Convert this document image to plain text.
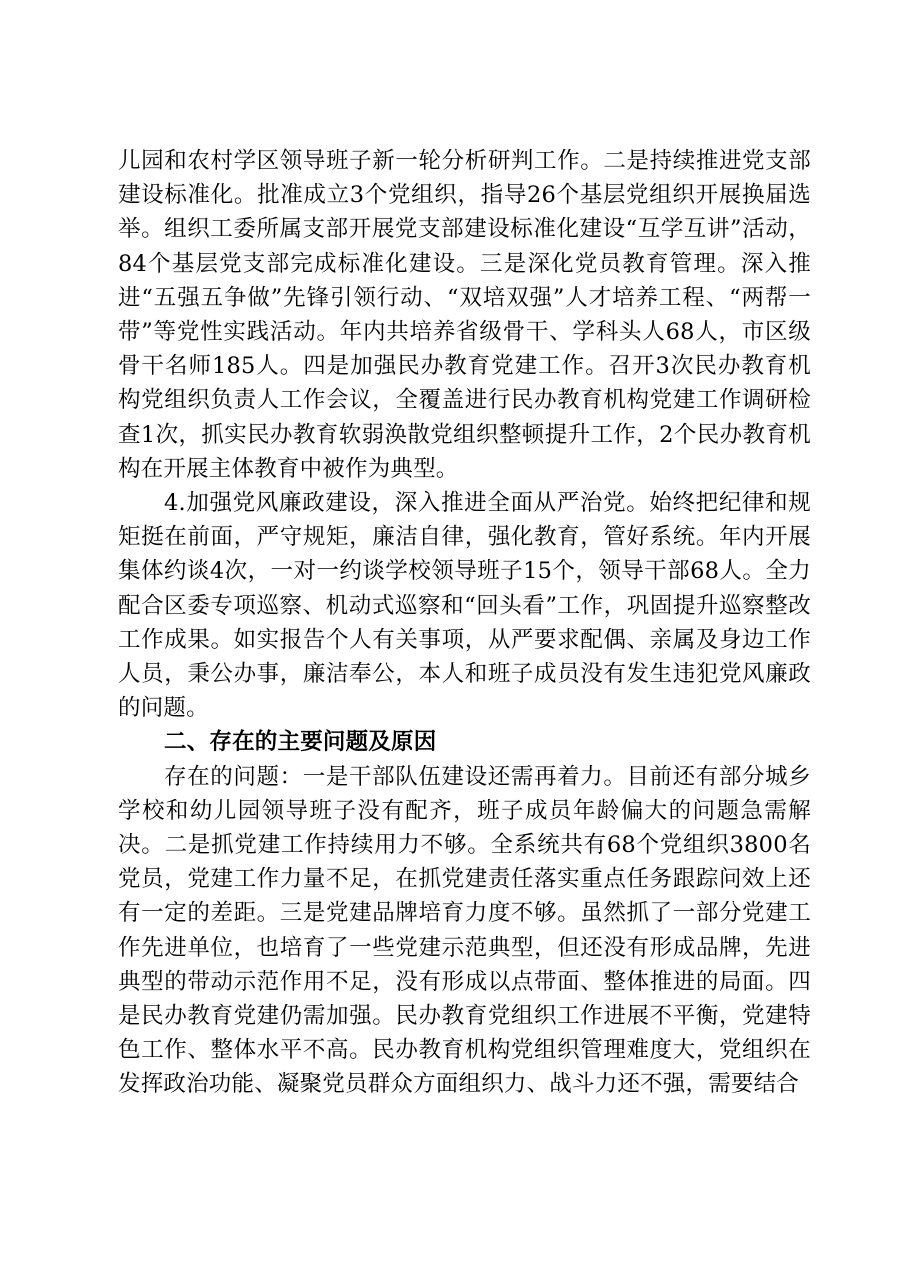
儿园和农村学区领导班子新一轮分析研判工作。二是持续推进党支部建设标准化。批准成立3个党组织，指导26个基层党组织开展换届选举。组织工委所属支部开展党支部建设标准化建设“互学互讲”活动，84个基层党支部完成标准化建设。三是深化党员教育管理。深入推进“五强五争做”先锋引领行动、“双培双强”人才培养工程、“两帮一带”等党性实践活动。年内共培养省级骨干、学科头人68人，市区级骨干名师185人。四是加强民办教育党建工作。召开3次民办教育机构党组织负责人工作会议，全覆盖进行民办教育机构党建工作调研检查1次，抓实民办教育软弱涣散党组织整顿提升工作，2个民办教育机构在开展主体教育中被作为典型。

4.加强党风廉政建设，深入推进全面从严治党。始终把纪律和规矩挺在前面，严守规矩，廉洁自律，强化教育，管好系统。年内开展集体约谈4次，一对一约谈学校领导班子15个，领导干部68人。全力配合区委专项巡察、机动式巡察和“回头看”工作，巩固提升巡察整改工作成果。如实报告个人有关事项，从严要求配偶、亲属及身边工作人员，秉公办事，廉洁奉公，本人和班子成员没有发生违犯党风廉政的问题。

二、存在的主要问题及原因

存在的问题：一是干部队伍建设还需再着力。目前还有部分城乡学校和幼儿园领导班子没有配齐，班子成员年龄偏大的问题急需解决。二是抓党建工作持续用力不够。全系统共有68个党组织3800名党员，党建工作力量不足，在抓党建责任落实重点任务跟踪问效上还有一定的差距。三是党建品牌培育力度不够。虽然抓了一部分党建工作先进单位，也培育了一些党建示范典型，但还没有形成品牌，先进典型的带动示范作用不足，没有形成以点带面、整体推进的局面。四是民办教育党建仍需加强。民办教育党组织工作进展不平衡，党建特色工作、整体水平不高。民办教育机构党组织管理难度大，党组织在发挥政治功能、凝聚党员群众方面组织力、战斗力还不强，需要结合
